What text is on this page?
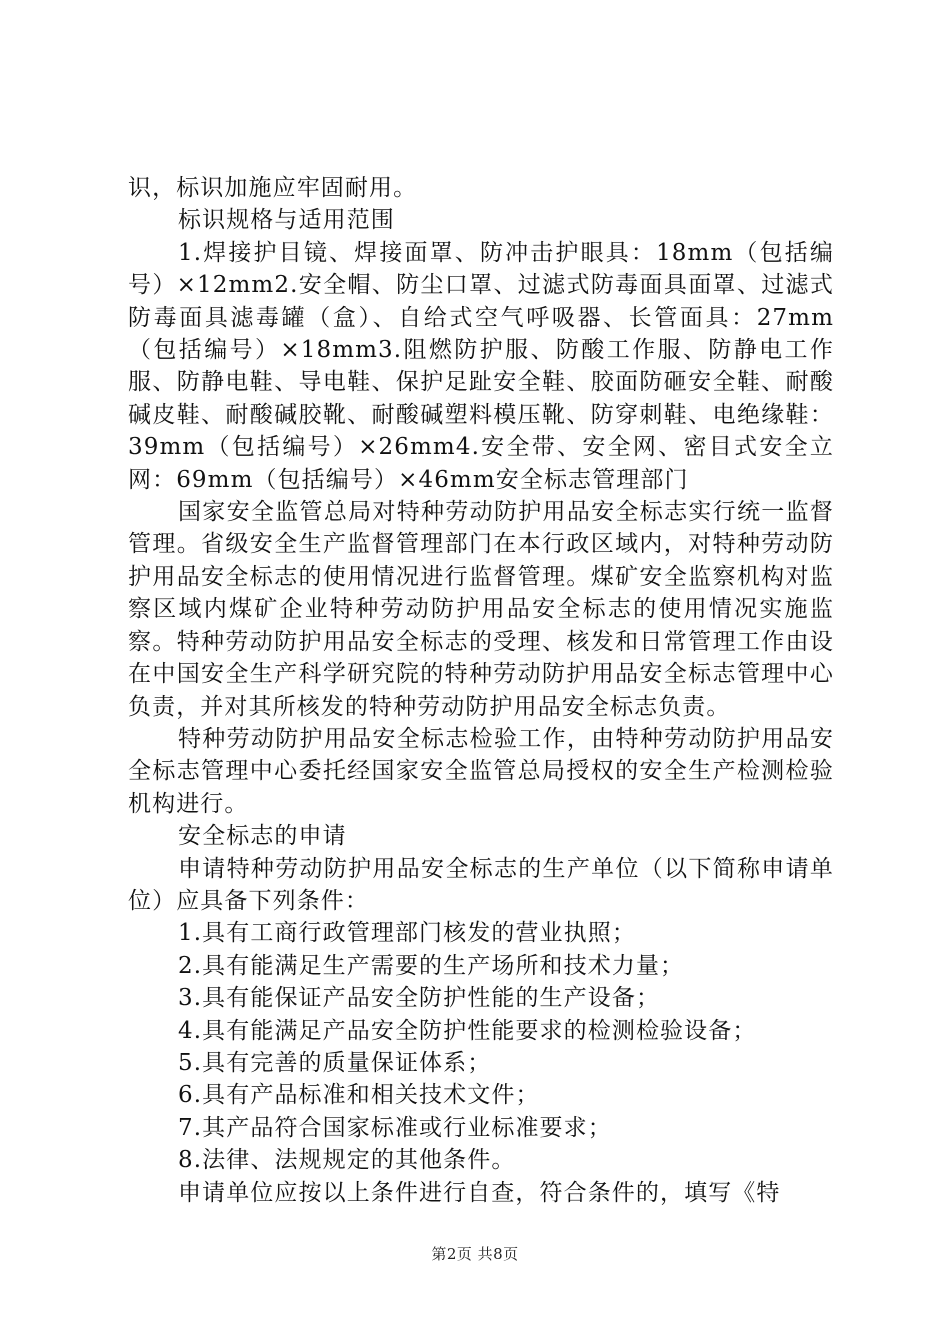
识，标识加施应牢固耐用。

标识规格与适用范围

1.焊接护目镜、焊接面罩、防冲击护眼具：18mm（包括编号）×12mm2.安全帽、防尘口罩、过滤式防毒面具面罩、过滤式防毒面具滤毒罐（盒）、自给式空气呼吸器、长管面具：27mm（包括编号）×18mm3.阻燃防护服、防酸工作服、防静电工作服、防静电鞋、导电鞋、保护足趾安全鞋、胶面防砸安全鞋、耐酸碱皮鞋、耐酸碱胶靴、耐酸碱塑料模压靴、防穿刺鞋、电绝缘鞋：39mm（包括编号）×26mm4.安全带、安全网、密目式安全立网：69mm（包括编号）×46mm安全标志管理部门

国家安全监管总局对特种劳动防护用品安全标志实行统一监督管理。省级安全生产监督管理部门在本行政区域内，对特种劳动防护用品安全标志的使用情况进行监督管理。煤矿安全监察机构对监察区域内煤矿企业特种劳动防护用品安全标志的使用情况实施监察。特种劳动防护用品安全标志的受理、核发和日常管理工作由设在中国安全生产科学研究院的特种劳动防护用品安全标志管理中心负责，并对其所核发的特种劳动防护用品安全标志负责。

特种劳动防护用品安全标志检验工作，由特种劳动防护用品安全标志管理中心委托经国家安全监管总局授权的安全生产检测检验机构进行。

安全标志的申请

申请特种劳动防护用品安全标志的生产单位（以下简称申请单位）应具备下列条件：

1.具有工商行政管理部门核发的营业执照；

2.具有能满足生产需要的生产场所和技术力量；

3.具有能保证产品安全防护性能的生产设备；

4.具有能满足产品安全防护性能要求的检测检验设备；

5.具有完善的质量保证体系；

6.具有产品标准和相关技术文件；

7.其产品符合国家标准或行业标准要求；

8.法律、法规规定的其他条件。

申请单位应按以上条件进行自查，符合条件的，填写《特

第2页 共8页
